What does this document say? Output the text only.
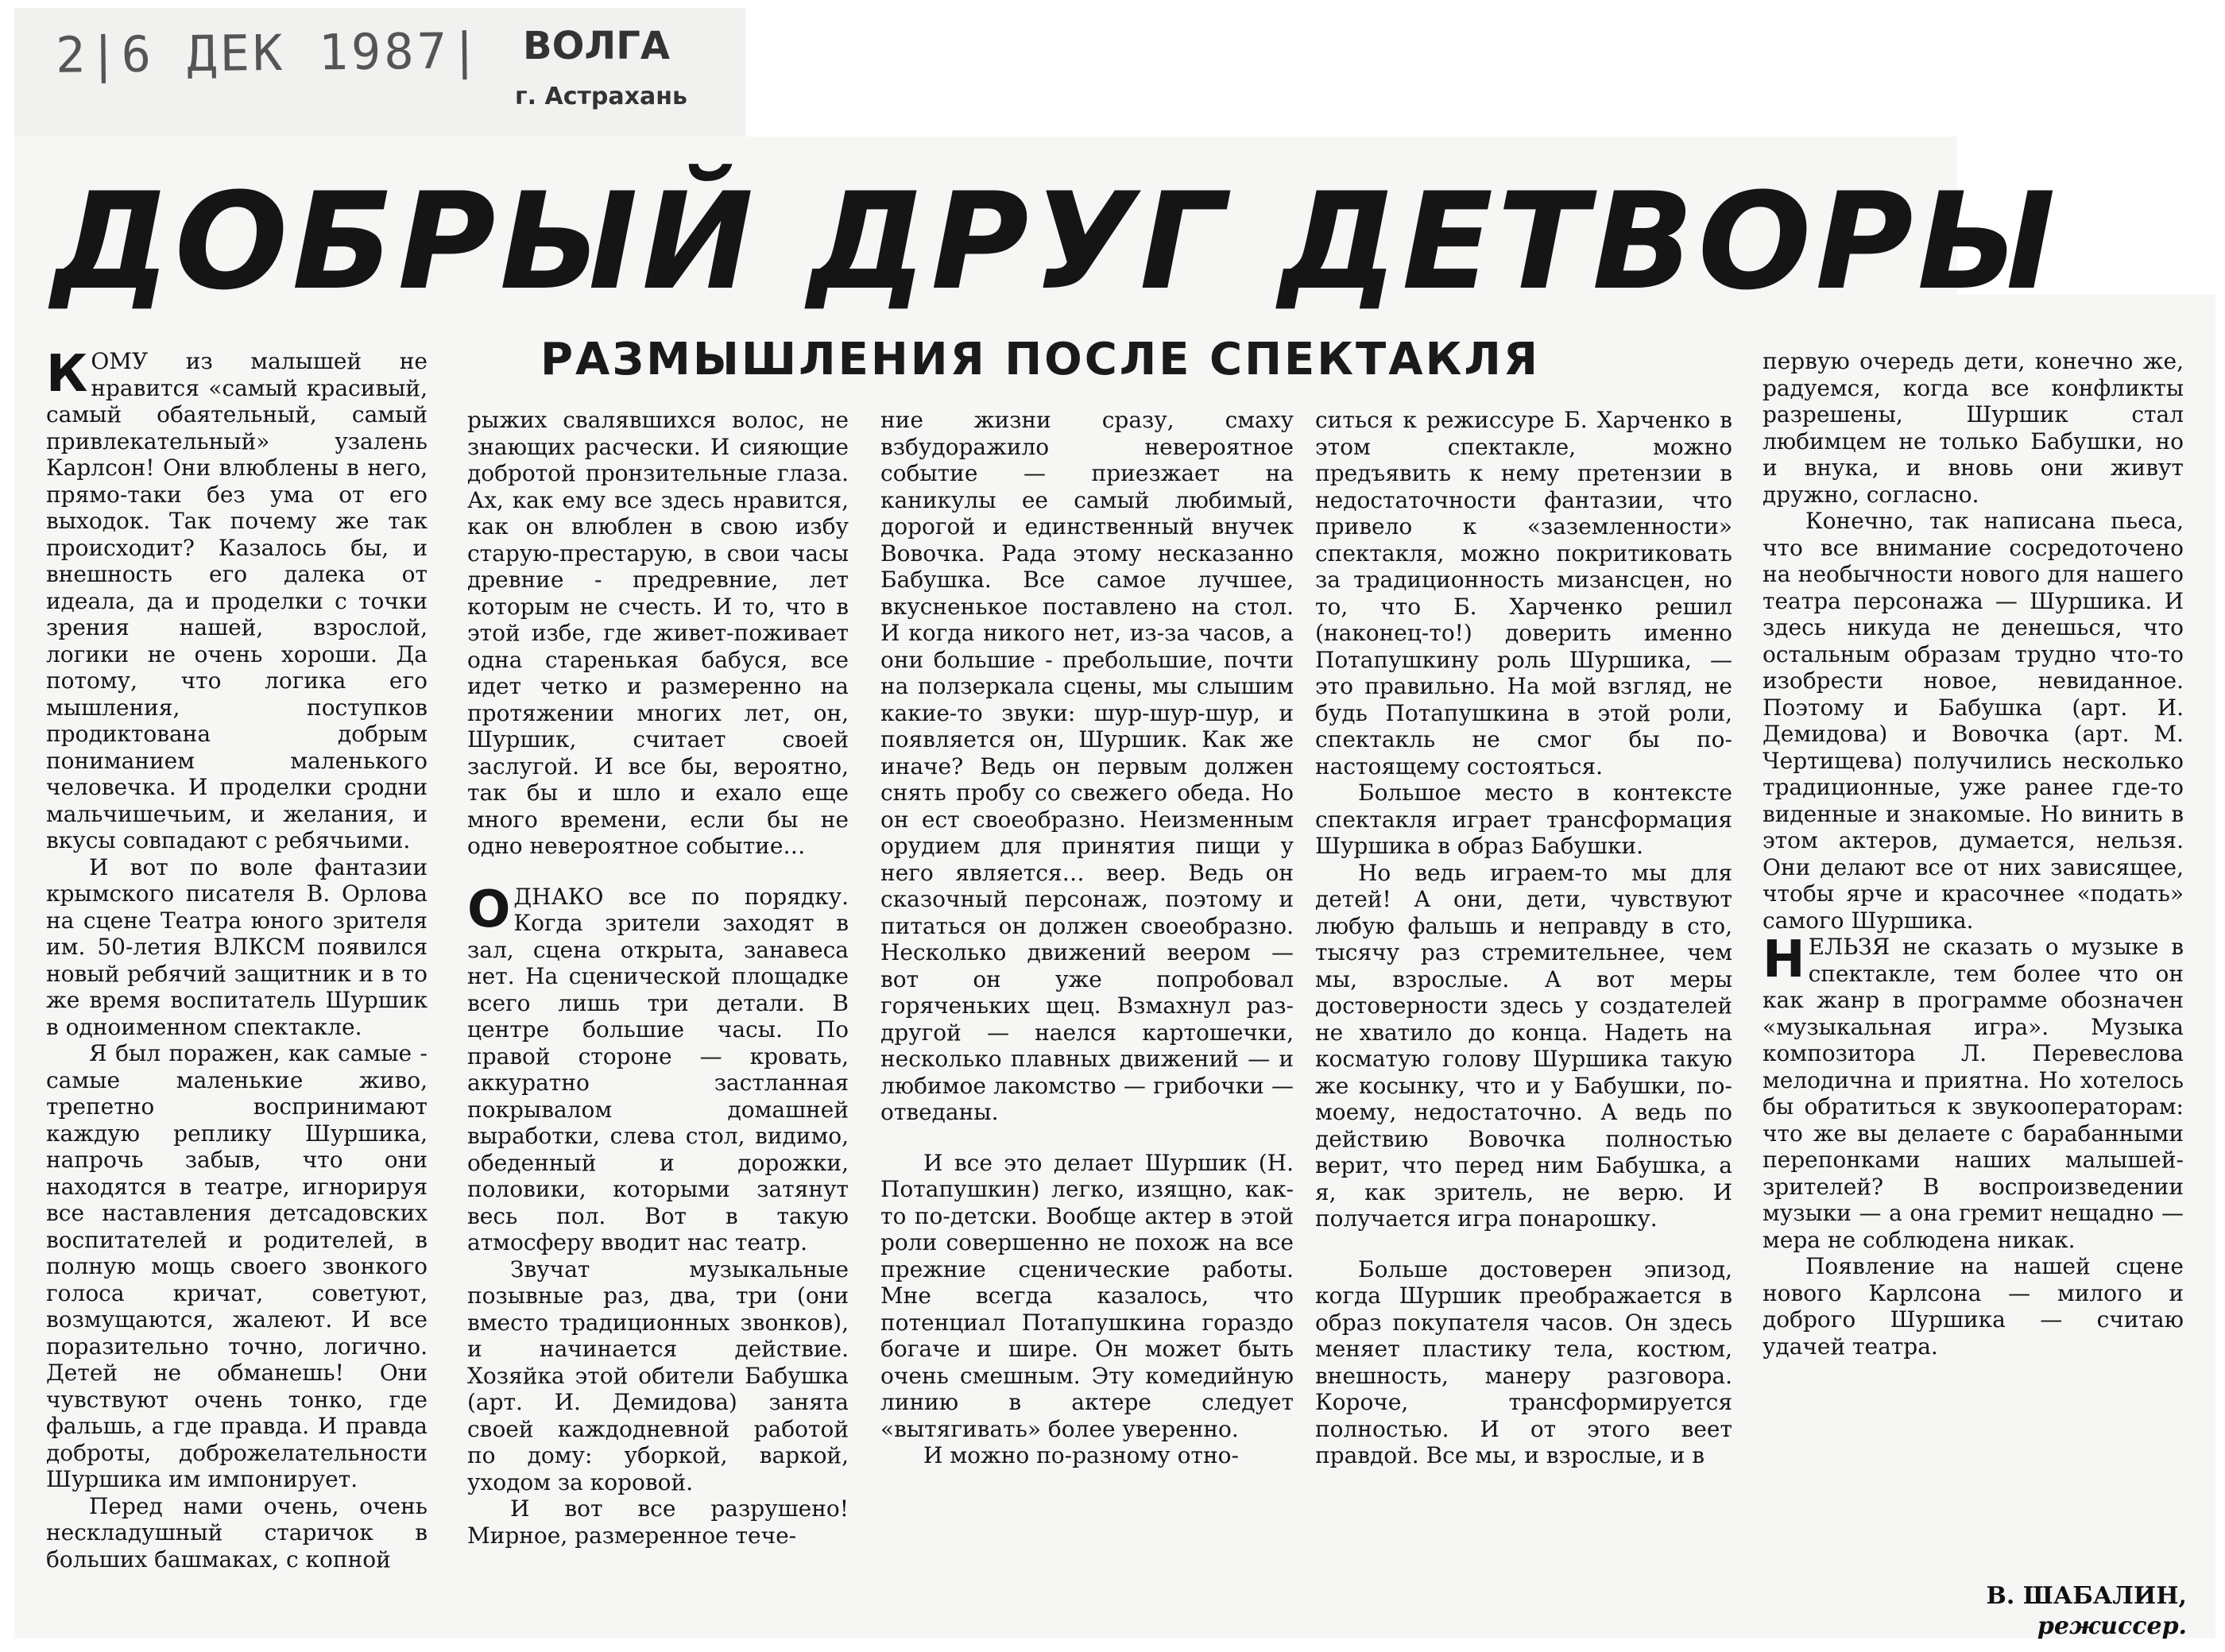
2|6 ДЕК 1987| ВОЛГА
г. Астрахань
ДОБРЫЙ ДРУГ ДЕТВОРЫ
РАЗМЫШЛЕНИЯ ПОСЛЕ СПЕКТАКЛЯ

КОМУ из малышей не нравится «самый красивый, самый обаятельный, самый привлекательный» узалень Карлсон! Они влюблены в него, прямо-таки без ума от его выходок. Так почему же так происходит? Казалось бы, и внешность его далека от идеала, да и проделки с точки зрения нашей, взрослой, логики не очень хороши. Да потому, что логика его мышления, поступков продиктована добрым пониманием маленького человечка. И проделки сродни мальчишечьим, и желания, и вкусы совпадают с ребячьими.

И вот по воле фантазии крымского писателя В. Орлова на сцене Театра юного зрителя им. 50-летия ВЛКСМ появился новый ребячий защитник и в то же время воспитатель Шуршик в одноименном спектакле.

Я был поражен, как самые - самые маленькие живо, трепетно воспринимают каждую реплику Шуршика, напрочь забыв, что они находятся в театре, игнорируя все наставления детсадовских воспитателей и родителей, в полную мощь своего звонкого голоса кричат, советуют, возмущаются, жалеют. И все поразительно точно, логично. Детей не обманешь! Они чувствуют очень тонко, где фальшь, а где правда. И правда доброты, доброжелательности Шуршика им импонирует.

Перед нами очень, очень нескладушный старичок в больших башмаках, с копной

рыжих свалявшихся волос, не знающих расчески. И сияющие добротой пронзительные глаза. Ах, как ему все здесь нравится, как он влюблен в свою избу старую-престарую, в свои часы древние - предревние, лет которым не счесть. И то, что в этой избе, где живет-поживает одна старенькая бабуся, все идет четко и размеренно на протяжении многих лет, он, Шуршик, считает своей заслугой. И все бы, вероятно, так бы и шло и ехало еще много времени, если бы не одно невероятное событие…

ОДНАКО все по порядку. Когда зрители заходят в зал, сцена открыта, занавеса нет. На сценической площадке всего лишь три детали. В центре большие часы. По правой стороне — кровать, аккуратно застланная покрывалом домашней выработки, слева стол, видимо, обеденный и дорожки, половики, которыми затянут весь пол. Вот в такую атмосферу вводит нас театр.

Звучат музыкальные позывные раз, два, три (они вместо традиционных звонков), и начинается действие. Хозяйка этой обители Бабушка (арт. И. Демидова) занята своей каждодневной работой по дому: уборкой, варкой, уходом за коровой.

И вот все разрушено! Мирное, размеренное тече-

ние жизни сразу, смаху взбудоражило невероятное событие — приезжает на каникулы ее самый любимый, дорогой и единственный внучек Вовочка. Рада этому несказанно Бабушка. Все самое лучшее, вкусненькое поставлено на стол. И когда никого нет, из-за часов, а они большие - пребольшие, почти на ползеркала сцены, мы слышим какие-то звуки: шур-шур-шур, и появляется он, Шуршик. Как же иначе? Ведь он первым должен снять пробу со свежего обеда. Но он ест своеобразно. Неизменным орудием для принятия пищи у него является… веер. Ведь он сказочный персонаж, поэтому и питаться он должен своеобразно. Несколько движений веером — вот он уже попробовал горяченьких щец. Взмахнул раз-другой — наелся картошечки, несколько плавных движений — и любимое лакомство — грибочки — отведаны.

И все это делает Шуршик (Н. Потапушкин) легко, изящно, как-то по-детски. Вообще актер в этой роли совершенно не похож на все прежние сценические работы. Мне всегда казалось, что потенциал Потапушкина гораздо богаче и шире. Он может быть очень смешным. Эту комедийную линию в актере следует «вытягивать» более уверенно.

И можно по-разному отно-

ситься к режиссуре Б. Харченко в этом спектакле, можно предъявить к нему претензии в недостаточности фантазии, что привело к «заземленности» спектакля, можно покритиковать за традиционность мизансцен, но то, что Б. Харченко решил (наконец-то!) доверить именно Потапушкину роль Шуршика, — это правильно. На мой взгляд, не будь Потапушкина в этой роли, спектакль не смог бы по-настоящему состояться.

Большое место в контексте спектакля играет трансформация Шуршика в образ Бабушки.

Но ведь играем-то мы для детей! А они, дети, чувствуют любую фальшь и неправду в сто, тысячу раз стремительнее, чем мы, взрослые. А вот меры достоверности здесь у создателей не хватило до конца. Надеть на косматую голову Шуршика такую же косынку, что и у Бабушки, по-моему, недостаточно. А ведь по действию Вовочка полностью верит, что перед ним Бабушка, а я, как зритель, не верю. И получается игра понарошку.

Больше достоверен эпизод, когда Шуршик преображается в образ покупателя часов. Он здесь меняет пластику тела, костюм, внешность, манеру разговора. Короче, трансформируется полностью. И от этого веет правдой. Все мы, и взрослые, и в

первую очередь дети, конечно же, радуемся, когда все конфликты разрешены, Шуршик стал любимцем не только Бабушки, но и внука, и вновь они живут дружно, согласно.

Конечно, так написана пьеса, что все внимание сосредоточено на необычности нового для нашего театра персонажа — Шуршика. И здесь никуда не денешься, что остальным образам трудно что-то изобрести новое, невиданное. Поэтому и Бабушка (арт. И. Демидова) и Вовочка (арт. М. Чертищева) получились несколько традиционные, уже ранее где-то виденные и знакомые. Но винить в этом актеров, думается, нельзя. Они делают все от них зависящее, чтобы ярче и красочнее «подать» самого Шуршика.

НЕЛЬЗЯ не сказать о музыке в спектакле, тем более что он как жанр в программе обозначен «музыкальная игра». Музыка композитора Л. Перевеслова мелодична и приятна. Но хотелось бы обратиться к звукооператорам: что же вы делаете с барабанными перепонками наших малышей-зрителей? В воспроизведении музыки — а она гремит нещадно — мера не соблюдена никак.

Появление на нашей сцене нового Карлсона — милого и доброго Шуршика — считаю удачей театра.

В. ШАБАЛИН,
режиссер.
